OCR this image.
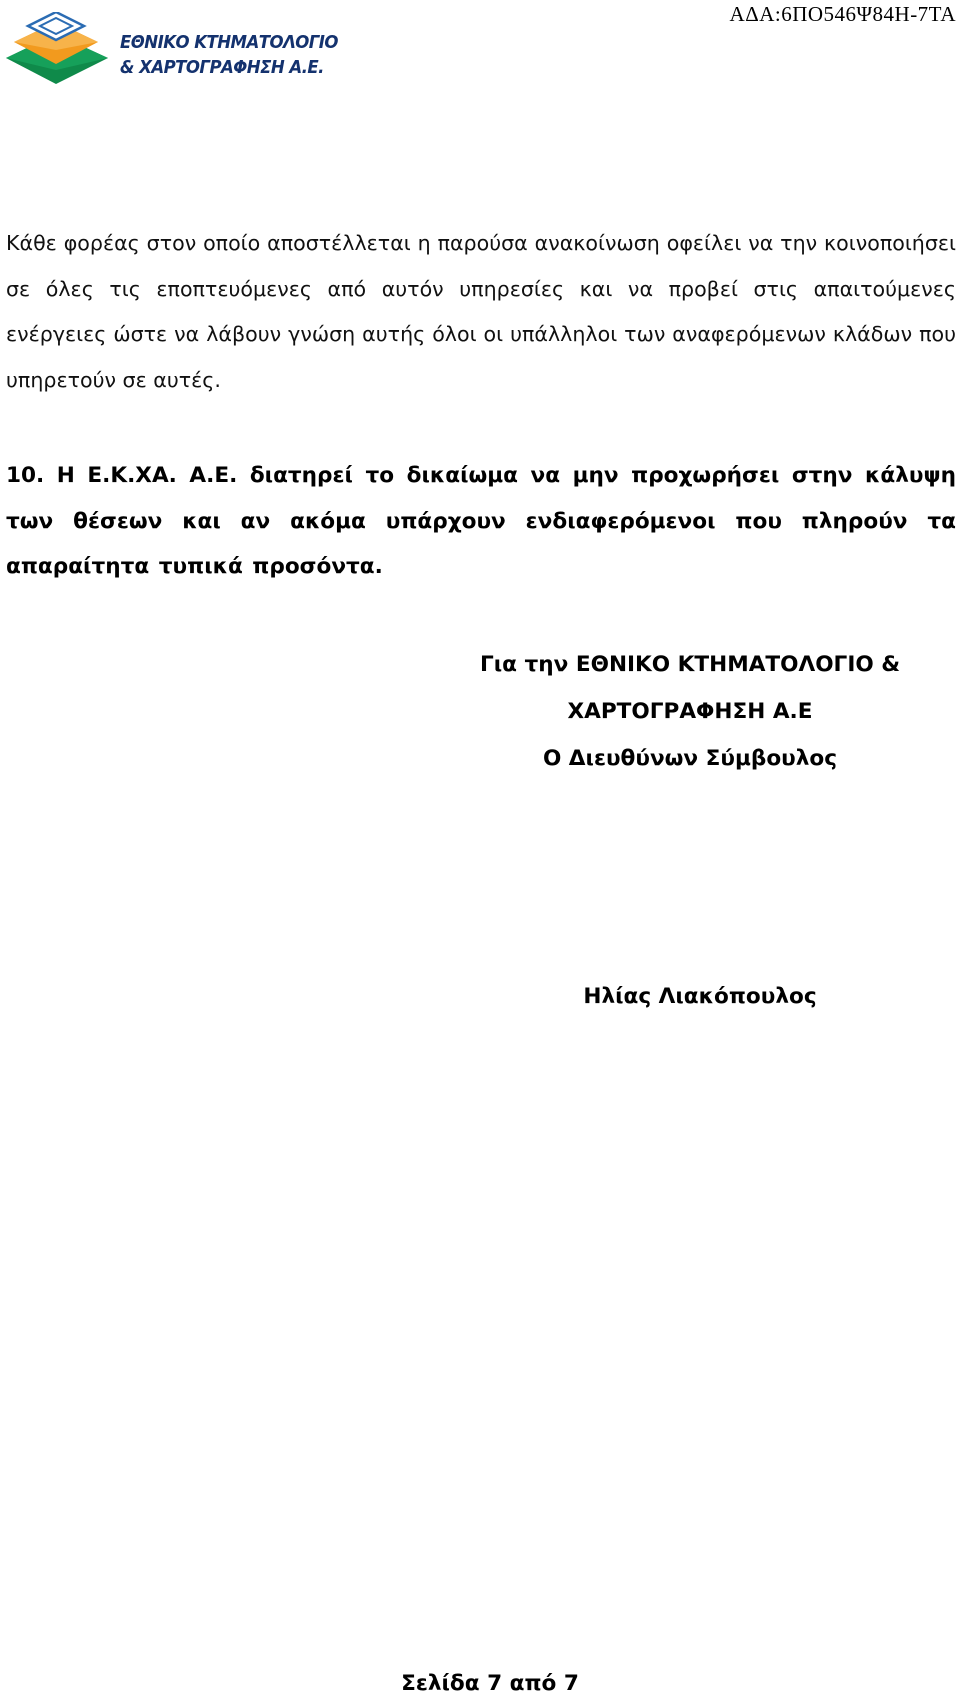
ΑΔΑ:6ΠΟ546Ψ84Η-7ΤΑ
ΕΘΝΙΚΟ ΚΤΗΜΑΤΟΛΟΓΙΟ
& ΧΑΡΤΟΓΡΑΦΗΣΗ Α.Ε.

Κάθε φορέας στον οποίο αποστέλλεται η παρούσα ανακοίνωση οφείλει να την κοινοποιήσει σε όλες τις εποπτευόμενες από αυτόν υπηρεσίες και να προβεί στις απαιτούμενες ενέργειες ώστε να λάβουν γνώση αυτής όλοι οι υπάλληλοι των αναφερόμενων κλάδων που υπηρετούν σε αυτές.

10. Η Ε.Κ.ΧΑ. Α.Ε. διατηρεί το δικαίωμα να μην προχωρήσει στην κάλυψη των θέσεων και αν ακόμα υπάρχουν ενδιαφερόμενοι που πληρούν τα απαραίτητα τυπικά προσόντα.

Για την ΕΘΝΙΚΟ ΚΤΗΜΑΤΟΛΟΓΙΟ &
ΧΑΡΤΟΓΡΑΦΗΣΗ Α.Ε
Ο Διευθύνων Σύμβουλος
Ηλίας Λιακόπουλος
Σελίδα 7 από 7
